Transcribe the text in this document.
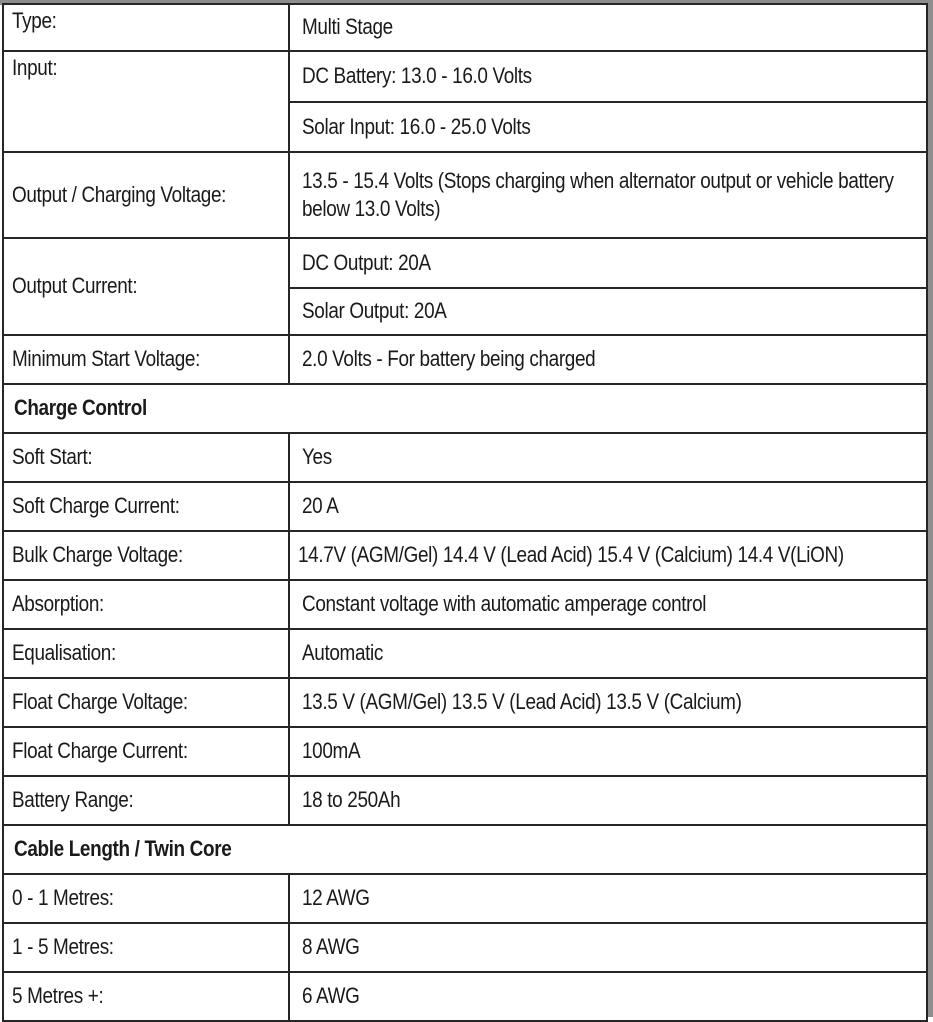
Type:	Multi Stage
Input:	DC Battery: 13.0 - 16.0 Volts
	Solar Input: 16.0 - 25.0 Volts
Output / Charging Voltage:	13.5 - 15.4 Volts (Stops charging when alternator output or vehicle battery below 13.0 Volts)
Output Current:	DC Output: 20A
	Solar Output: 20A
Minimum Start Voltage:	2.0 Volts - For battery being charged
Charge Control	
Soft Start:	Yes
Soft Charge Current:	20 A
Bulk Charge Voltage:	14.7V (AGM/Gel) 14.4 V (Lead Acid) 15.4 V (Calcium) 14.4 V(LiON)
Absorption:	Constant voltage with automatic amperage control
Equalisation:	Automatic
Float Charge Voltage:	13.5 V (AGM/Gel) 13.5 V (Lead Acid) 13.5 V (Calcium)
Float Charge Current:	100mA
Battery Range:	18 to 250Ah
Cable Length / Twin Core	
0 - 1 Metres:	12 AWG
1 - 5 Metres:	8 AWG
5 Metres +:	6 AWG
